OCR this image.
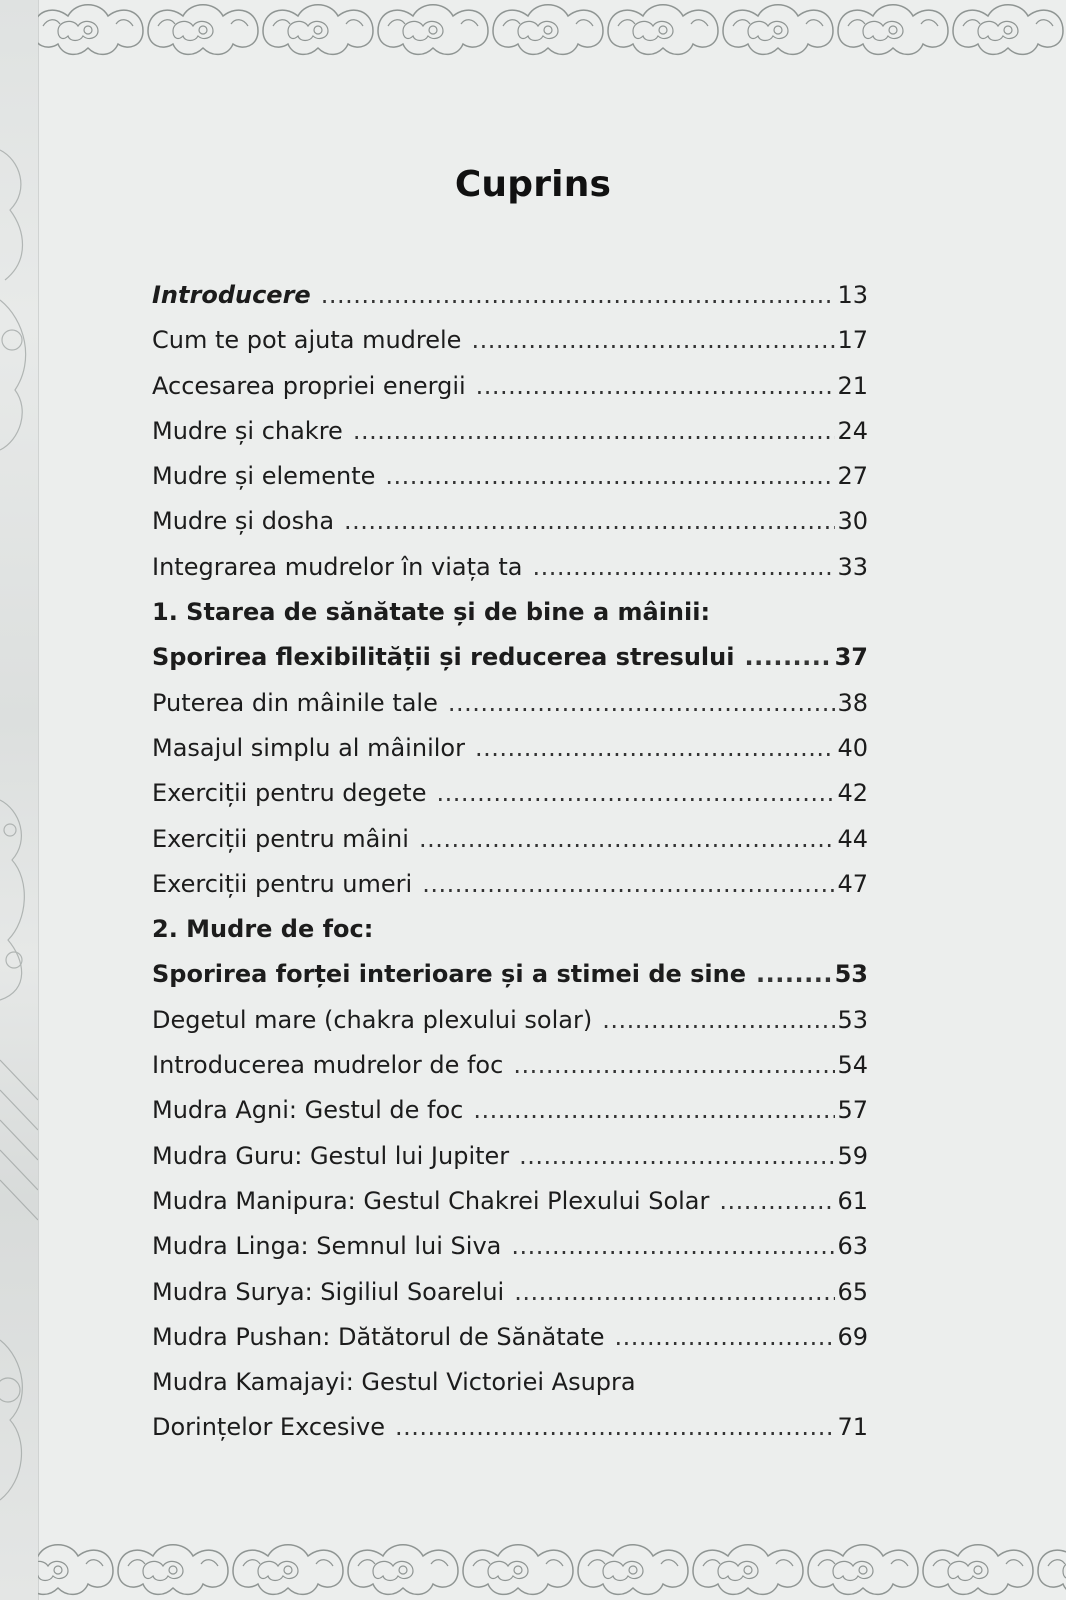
Cuprins
Introducere .....	13
Cum te pot ajuta mudrele .....	17
Accesarea propriei energii .....	21
Mudre și chakre .....	24
Mudre și elemente .....	27
Mudre și dosha .....	30
Integrarea mudrelor în viața ta .....	33
1. Starea de sănătate și de bine a mâinii:
Sporirea flexibilității și reducerea stresului .....	37
Puterea din mâinile tale .....	38
Masajul simplu al mâinilor .....	40
Exerciții pentru degete .....	42
Exerciții pentru mâini .....	44
Exerciții pentru umeri .....	47
2. Mudre de foc:
Sporirea forței interioare și a stimei de sine .....	53
Degetul mare (chakra plexului solar) .....	53
Introducerea mudrelor de foc .....	54
Mudra Agni: Gestul de foc .....	57
Mudra Guru: Gestul lui Jupiter .....	59
Mudra Manipura: Gestul Chakrei Plexului Solar .....	61
Mudra Linga: Semnul lui Siva .....	63
Mudra Surya: Sigiliul Soarelui .....	65
Mudra Pushan: Dătătorul de Sănătate .....	69
Mudra Kamajayi: Gestul Victoriei Asupra
Dorințelor Excesive .....	71
